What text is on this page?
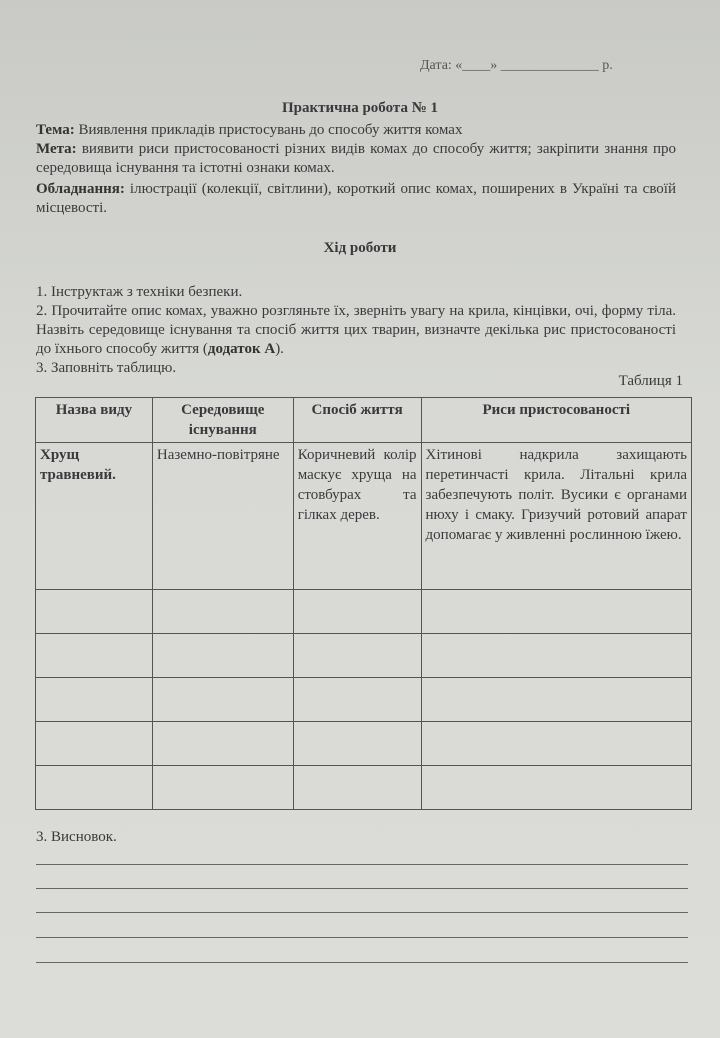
Дата: «____» ______________ р.
Практична робота № 1
Тема: Виявлення прикладів пристосувань до способу життя комах
Мета: виявити риси пристосованості різних видів комах до способу життя; закріпити знання про середовища існування та істотні ознаки комах.
Обладнання: ілюстрації (колекції, світлини), короткий опис комах, поширених в Україні та своїй місцевості.
Хід роботи
1. Інструктаж з техніки безпеки.
2. Прочитайте опис комах, уважно розгляньте їх, зверніть увагу на крила, кінцівки, очі, форму тіла. Назвіть середовище існування та спосіб життя цих тварин, визначте декілька рис пристосованості до їхнього способу життя (додаток А).
3. Заповніть таблицю.
Таблиця 1
Назва виду	Середовище існування	Спосіб життя	Риси пристосованості
Хрущ травневий.	Наземно-повітряне	Коричневий колір маскує хруща на стовбурах та гілках дерев.	Хітинові надкрила захищають перетинчасті крила. Літальні крила забезпечують політ. Вусики є органами нюху і смаку. Гризучий ротовий апарат допомагає у живленні рослинною їжею.

3. Висновок.
